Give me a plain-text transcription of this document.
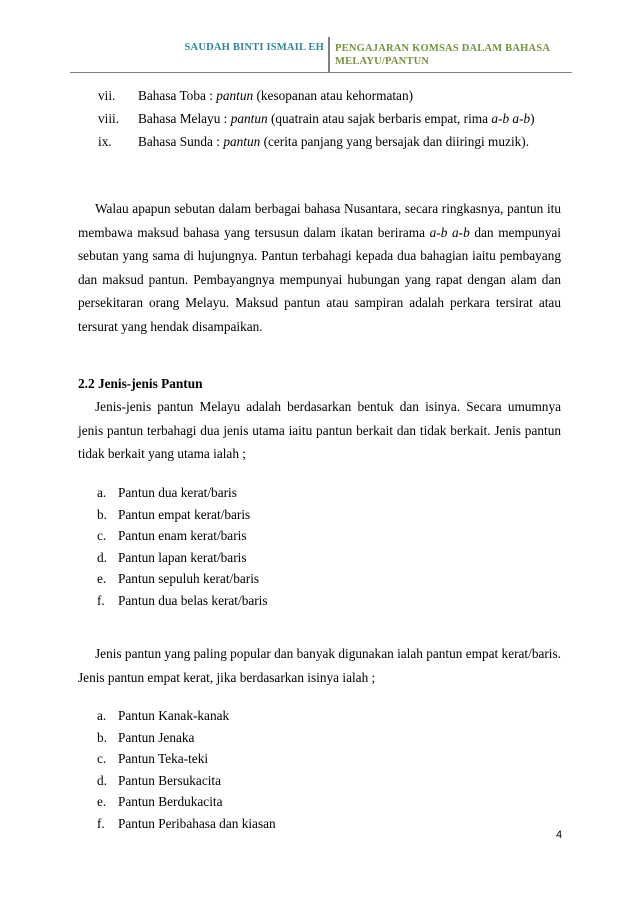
SAUDAH BINTI ISMAIL EH PENGAJARAN KOMSAS DALAM BAHASA
MELAYU/PANTUN
vii.	Bahasa Toba : pantun (kesopanan atau kehormatan)
viii.	Bahasa Melayu : pantun (quatrain atau sajak berbaris empat, rima a-b a-b)
ix.	Bahasa Sunda : pantun (cerita panjang yang bersajak dan diiringi muzik).

Walau apapun sebutan dalam berbagai bahasa Nusantara, secara ringkasnya, pantun itu membawa maksud bahasa yang tersusun dalam ikatan berirama a-b a-b dan mempunyai sebutan yang sama di hujungnya. Pantun terbahagi kepada dua bahagian iaitu pembayang dan maksud pantun. Pembayangnya mempunyai hubungan yang rapat dengan alam dan persekitaran orang Melayu. Maksud pantun atau sampiran adalah perkara tersirat atau tersurat yang hendak disampaikan.

2.2 Jenis-jenis Pantun

Jenis-jenis pantun Melayu adalah berdasarkan bentuk dan isinya. Secara umumnya jenis pantun terbahagi dua jenis utama iaitu pantun berkait dan tidak berkait. Jenis pantun tidak berkait yang utama ialah ;

a. Pantun dua kerat/baris
b. Pantun empat kerat/baris
c. Pantun enam kerat/baris
d. Pantun lapan kerat/baris
e. Pantun sepuluh kerat/baris
f. Pantun dua belas kerat/baris

Jenis pantun yang paling popular dan banyak digunakan ialah pantun empat kerat/baris. Jenis pantun empat kerat, jika berdasarkan isinya ialah ;

a. Pantun Kanak-kanak
b. Pantun Jenaka
c. Pantun Teka-teki
d. Pantun Bersukacita
e. Pantun Berdukacita
f. Pantun Peribahasa dan kiasan
4
